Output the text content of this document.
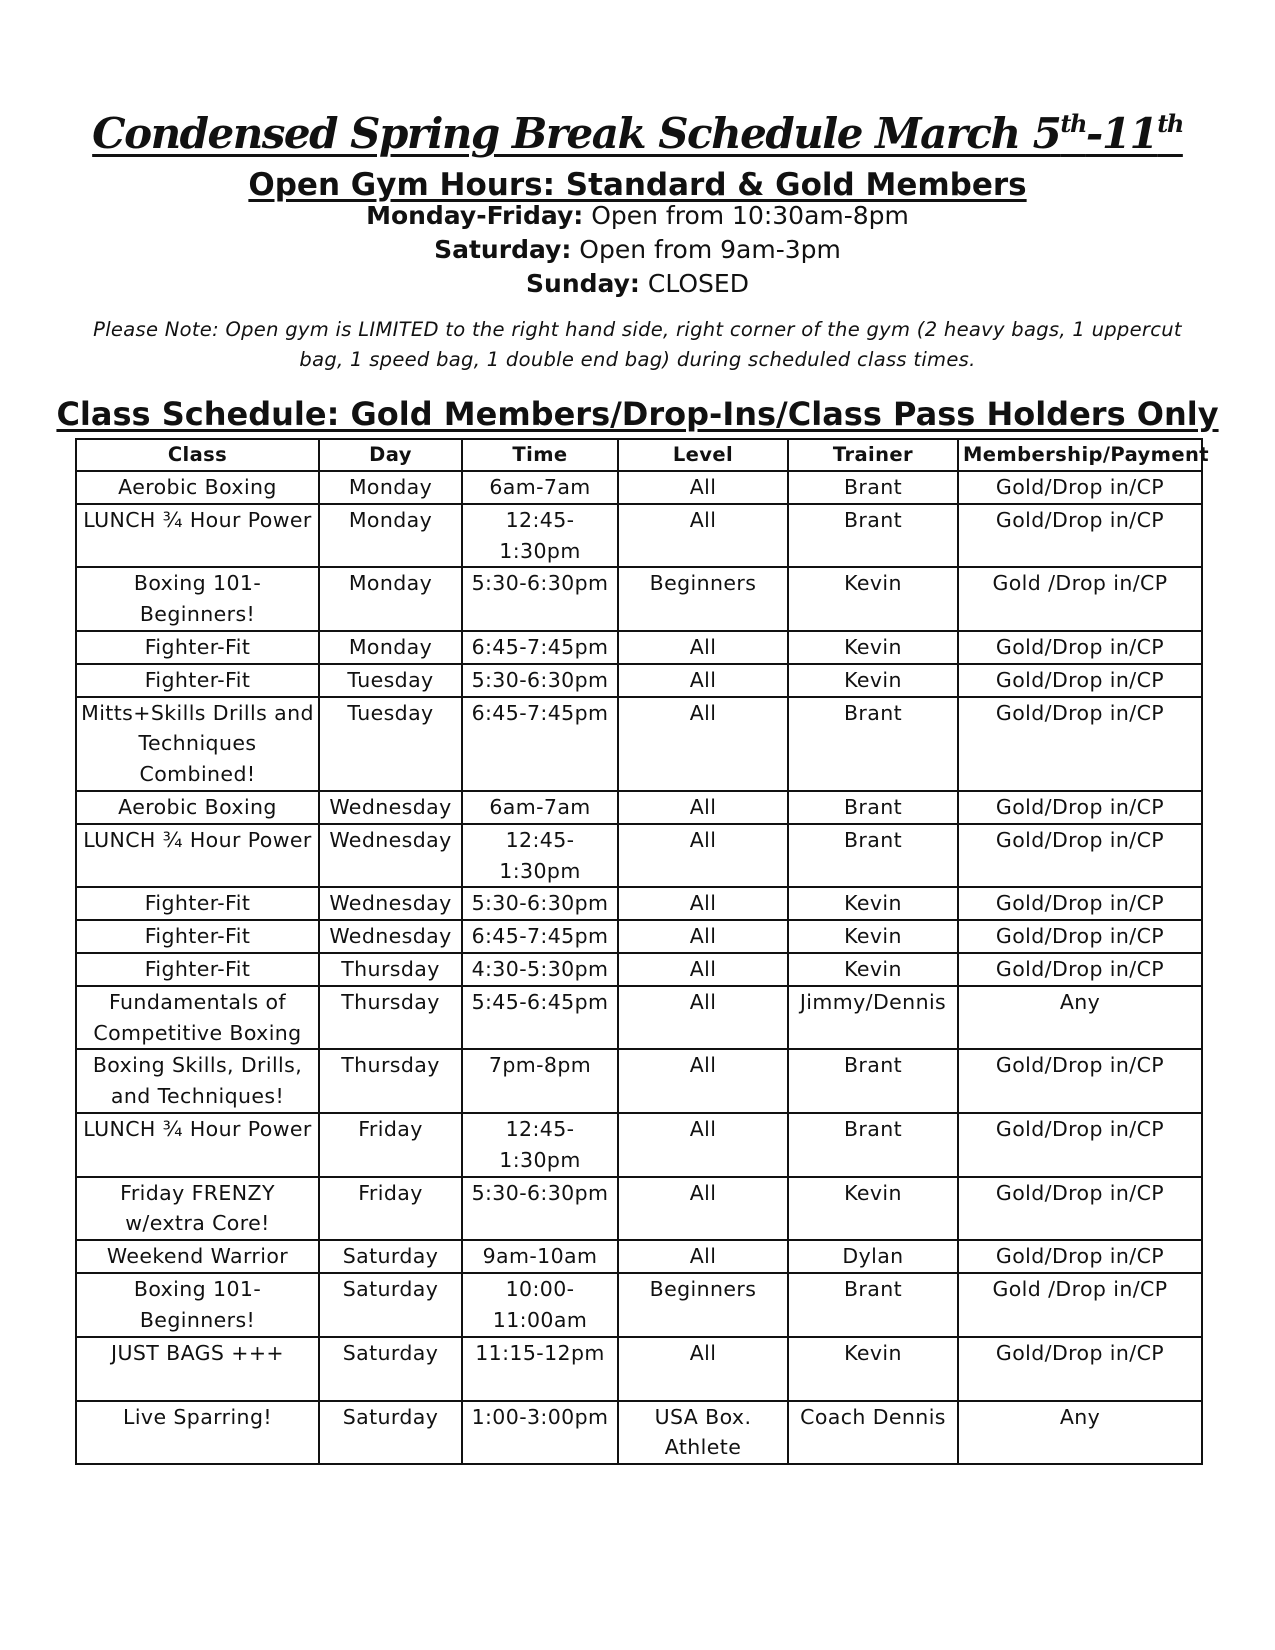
Condensed Spring Break Schedule March 5th-11th
Open Gym Hours: Standard & Gold Members
Monday-Friday: Open from 10:30am-8pm
Saturday: Open from 9am-3pm
Sunday: CLOSED
Please Note: Open gym is LIMITED to the right hand side, right corner of the gym (2 heavy bags, 1 uppercut bag, 1 speed bag, 1 double end bag) during scheduled class times.
Class Schedule: Gold Members/Drop-Ins/Class Pass Holders Only
Class	Day	Time	Level	Trainer	Membership/Payment
Aerobic Boxing	Monday	6am-7am	All	Brant	Gold/Drop in/CP
LUNCH ¾ Hour Power	Monday	12:45-1:30pm	All	Brant	Gold/Drop in/CP
Boxing 101-Beginners!	Monday	5:30-6:30pm	Beginners	Kevin	Gold /Drop in/CP
Fighter-Fit	Monday	6:45-7:45pm	All	Kevin	Gold/Drop in/CP
Fighter-Fit	Tuesday	5:30-6:30pm	All	Kevin	Gold/Drop in/CP
Mitts+Skills Drills and Techniques Combined!	Tuesday	6:45-7:45pm	All	Brant	Gold/Drop in/CP
Aerobic Boxing	Wednesday	6am-7am	All	Brant	Gold/Drop in/CP
LUNCH ¾ Hour Power	Wednesday	12:45-1:30pm	All	Brant	Gold/Drop in/CP
Fighter-Fit	Wednesday	5:30-6:30pm	All	Kevin	Gold/Drop in/CP
Fighter-Fit	Wednesday	6:45-7:45pm	All	Kevin	Gold/Drop in/CP
Fighter-Fit	Thursday	4:30-5:30pm	All	Kevin	Gold/Drop in/CP
Fundamentals of Competitive Boxing	Thursday	5:45-6:45pm	All	Jimmy/Dennis	Any
Boxing Skills, Drills, and Techniques!	Thursday	7pm-8pm	All	Brant	Gold/Drop in/CP
LUNCH ¾ Hour Power	Friday	12:45-1:30pm	All	Brant	Gold/Drop in/CP
Friday FRENZY w/extra Core!	Friday	5:30-6:30pm	All	Kevin	Gold/Drop in/CP
Weekend Warrior	Saturday	9am-10am	All	Dylan	Gold/Drop in/CP
Boxing 101-Beginners!	Saturday	10:00-11:00am	Beginners	Brant	Gold /Drop in/CP
JUST BAGS +++	Saturday	11:15-12pm	All	Kevin	Gold/Drop in/CP
Live Sparring!	Saturday	1:00-3:00pm	USA Box. Athlete	Coach Dennis	Any
